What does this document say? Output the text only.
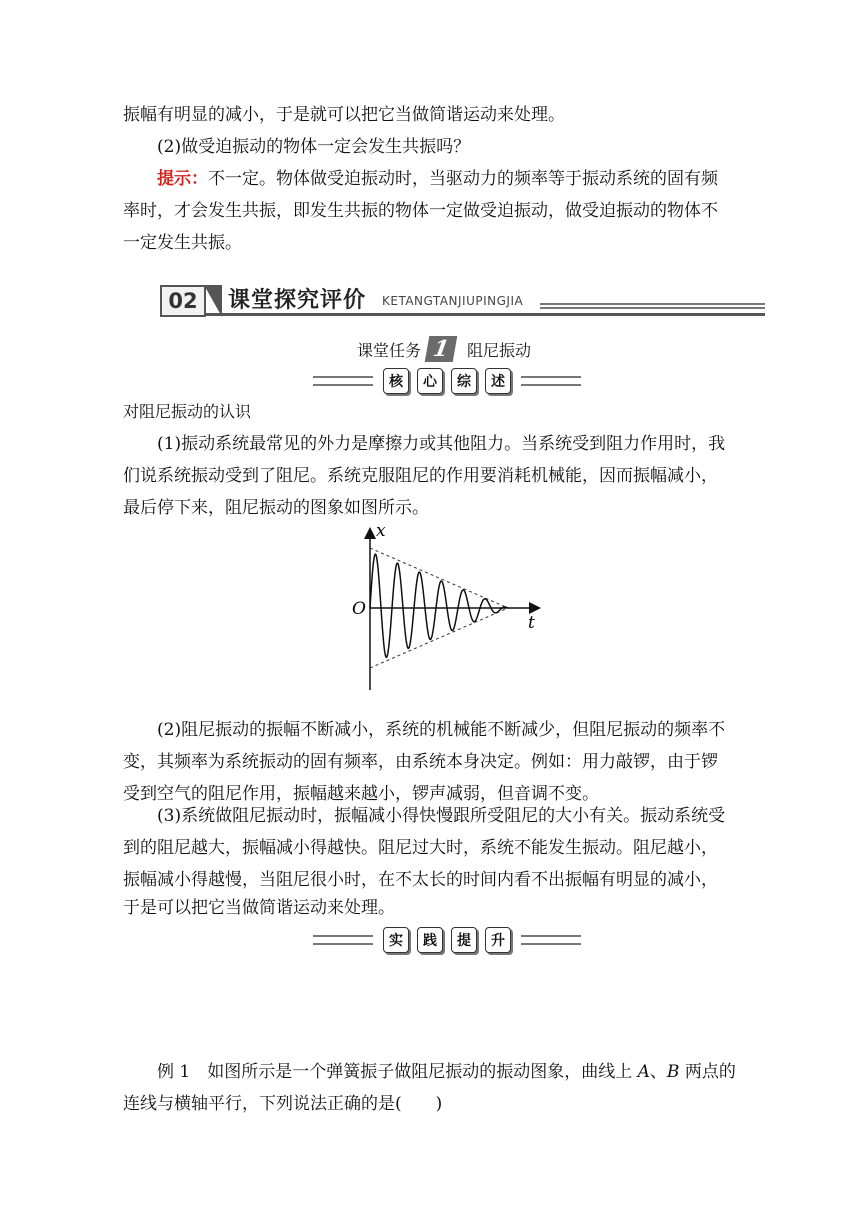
振幅有明显的减小，于是就可以把它当做简谐运动来处理。

(2)做受迫振动的物体一定会发生共振吗？

提示：不一定。物体做受迫振动时，当驱动力的频率等于振动系统的固有频

率时，才会发生共振，即发生共振的物体一定做受迫振动，做受迫振动的物体不

一定发生共振。

02	课堂探究评价 KETANGTANJIUPINGJIA
课堂任务 1	阻尼振动
核	心	综	述

对阻尼振动的认识

(1)振动系统最常见的外力是摩擦力或其他阻力。当系统受到阻力作用时，我

们说系统振动受到了阻尼。系统克服阻尼的作用要消耗机械能，因而振幅减小，

最后停下来，阻尼振动的图象如图所示。

x
t
O

(2)阻尼振动的振幅不断减小，系统的机械能不断减少，但阻尼振动的频率不

变，其频率为系统振动的固有频率，由系统本身决定。例如：用力敲锣，由于锣

受到空气的阻尼作用，振幅越来越小，锣声减弱，但音调不变。

(3)系统做阻尼振动时，振幅减小得快慢跟所受阻尼的大小有关。振动系统受

到的阻尼越大，振幅减小得越快。阻尼过大时，系统不能发生振动。阻尼越小，

振幅减小得越慢，当阻尼很小时，在不太长的时间内看不出振幅有明显的减小，

于是可以把它当做简谐运动来处理。

实	践	提	升

例 1　 如图所示是一个弹簧振子做阻尼振动的振动图象，曲线上 A、B 两点的

连线与横轴平行，下列说法正确的是(　　)
